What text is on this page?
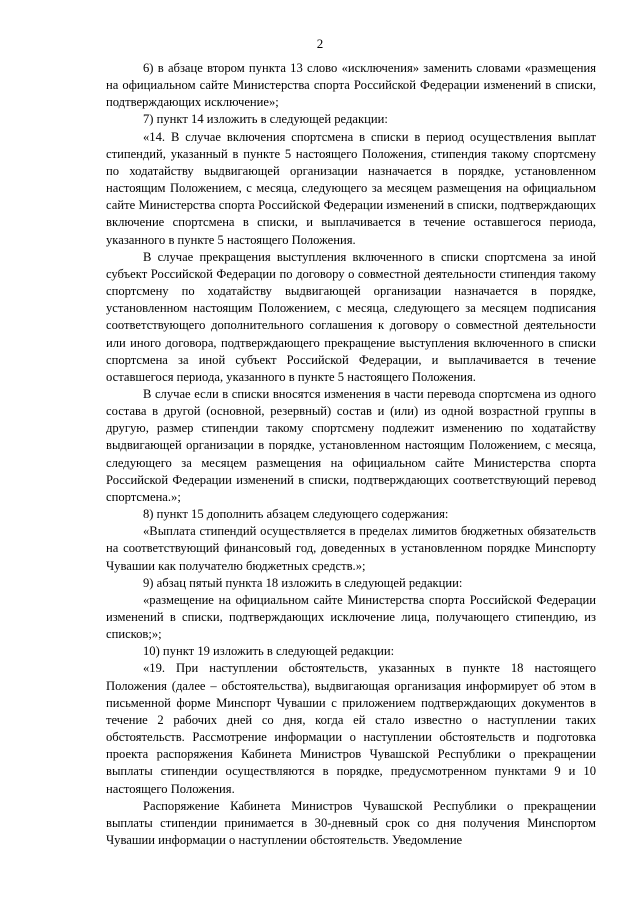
2

6) в абзаце втором пункта 13 слово «исключения» заменить словами «размещения на официальном сайте Министерства спорта Российской Федерации изменений в списки, подтверждающих исключение»;

7) пункт 14 изложить в следующей редакции:

«14. В случае включения спортсмена в списки в период осуществления выплат стипендий, указанный в пункте 5 настоящего Положения, стипендия такому спортсмену по ходатайству выдвигающей организации назначается в порядке, установленном настоящим Положением, с месяца, следующего за месяцем размещения на официальном сайте Министерства спорта Российской Федерации изменений в списки, подтверждающих включение спортсмена в списки, и выплачивается в течение оставшегося периода, указанного в пункте 5 настоящего Положения.

В случае прекращения выступления включенного в списки спортсмена за иной субъект Российской Федерации по договору о совместной деятельности стипендия такому спортсмену по ходатайству выдвигающей организации назначается в порядке, установленном настоящим Положением, с месяца, следующего за месяцем подписания соответствующего дополнительного соглашения к договору о совместной деятельности или иного договора, подтверждающего прекращение выступления включенного в списки спортсмена за иной субъект Российской Федерации, и выплачивается в течение оставшегося периода, указанного в пункте 5 настоящего Положения.

В случае если в списки вносятся изменения в части перевода спортсмена из одного состава в другой (основной, резервный) состав и (или) из одной возрастной группы в другую, размер стипендии такому спортсмену подлежит изменению по ходатайству выдвигающей организации в порядке, установленном настоящим Положением, с месяца, следующего за месяцем размещения на официальном сайте Министерства спорта Российской Федерации изменений в списки, подтверждающих соответствующий перевод спортсмена.»;

8) пункт 15 дополнить абзацем следующего содержания:

«Выплата стипендий осуществляется в пределах лимитов бюджетных обязательств на соответствующий финансовый год, доведенных в установленном порядке Минспорту Чувашии как получателю бюджетных средств.»;

9) абзац пятый пункта 18 изложить в следующей редакции:

«размещение на официальном сайте Министерства спорта Российской Федерации изменений в списки, подтверждающих исключение лица, получающего стипендию, из списков;»;

10) пункт 19 изложить в следующей редакции:

«19. При наступлении обстоятельств, указанных в пункте 18 настоящего Положения (далее – обстоятельства), выдвигающая организация информирует об этом в письменной форме Минспорт Чувашии с приложением подтверждающих документов в течение 2 рабочих дней со дня, когда ей стало известно о наступлении таких обстоятельств. Рассмотрение информации о наступлении обстоятельств и подготовка проекта распоряжения Кабинета Министров Чувашской Республики о прекращении выплаты стипендии осуществляются в порядке, предусмотренном пунктами 9 и 10 настоящего Положения.

Распоряжение Кабинета Министров Чувашской Республики о прекращении выплаты стипендии принимается в 30-дневный срок со дня получения Минспортом Чувашии информации о наступлении обстоятельств. Уведомление
